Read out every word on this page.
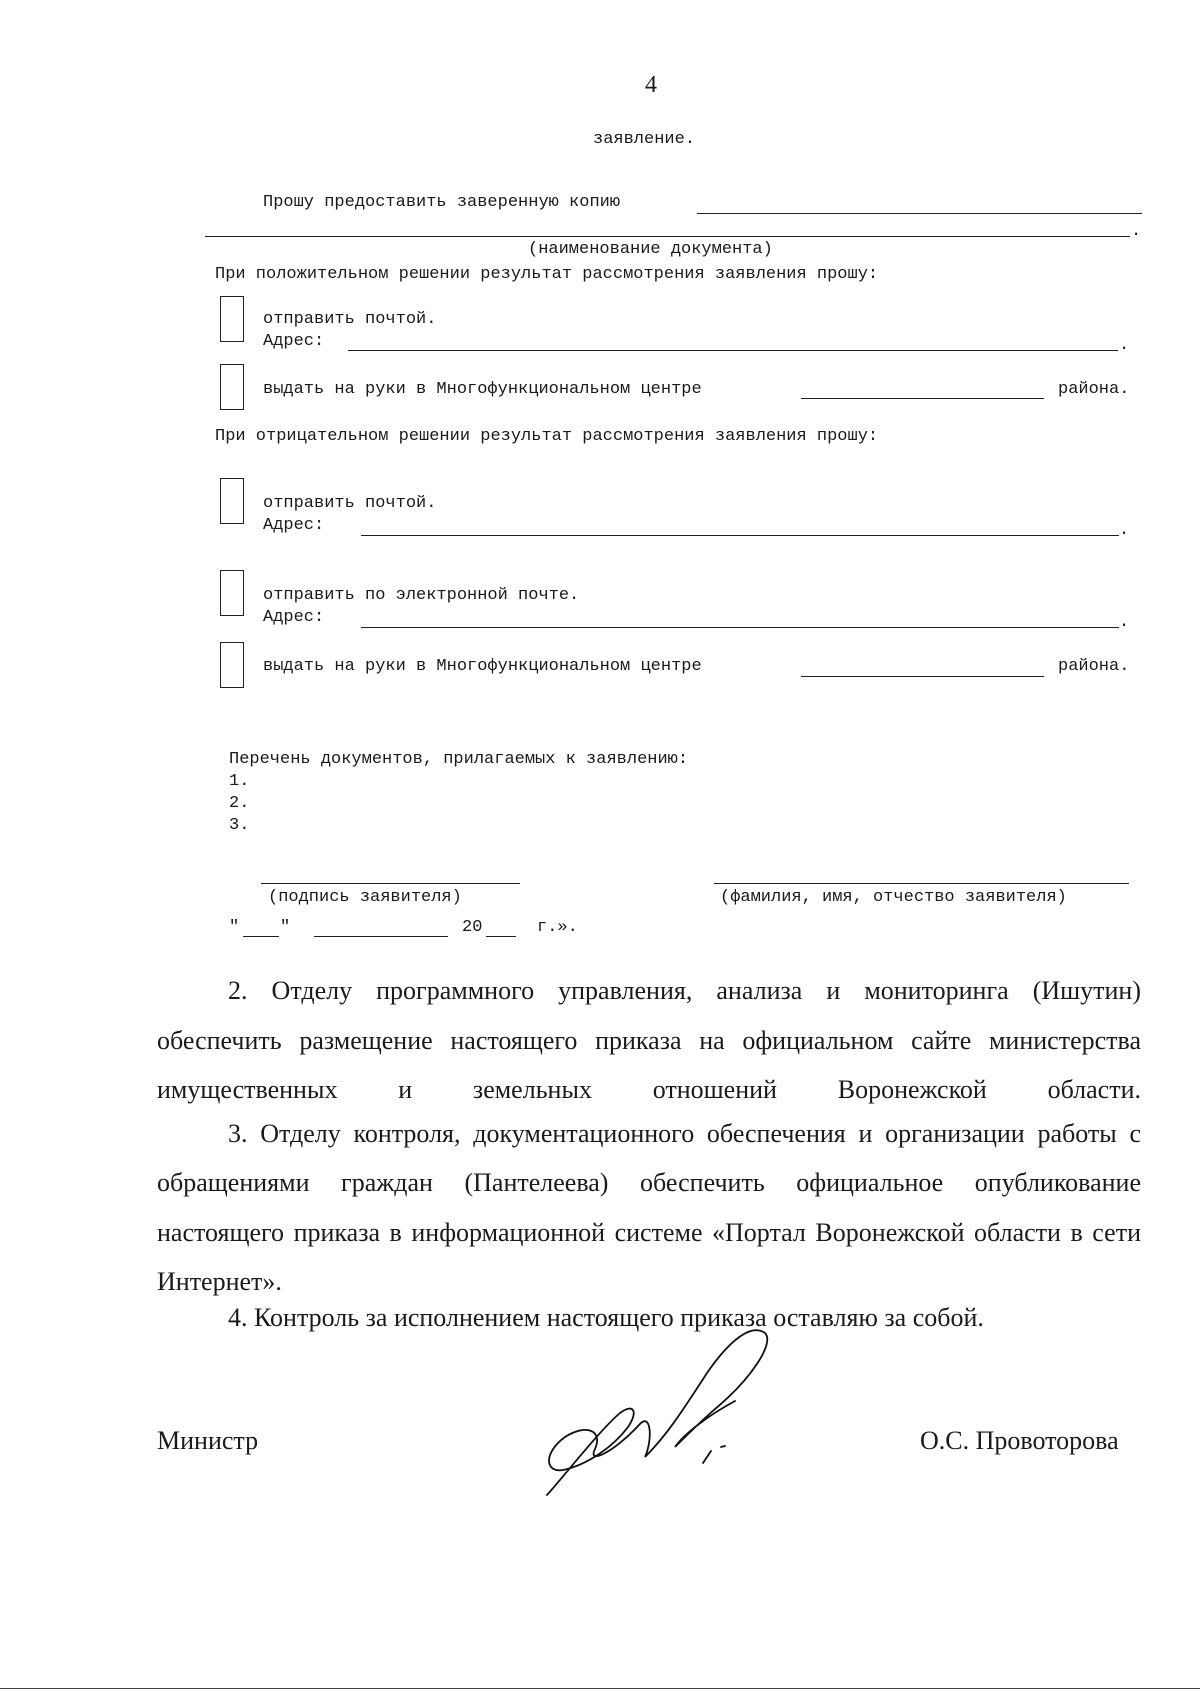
4
заявление.
Прошу предоставить заверенную копию
.
(наименование документа)
При положительном решении результат рассмотрения заявления прошу:
отправить почтой.
Адрес:	.
выдать на руки в Многофункциональном центре	района.
При отрицательном решении результат рассмотрения заявления прошу:
отправить почтой.
Адрес:	.
отправить по электронной почте.
Адрес:	.
выдать на руки в Многофункциональном центре	района.
Перечень документов, прилагаемых к заявлению:
1.
2.
3.
(подпись заявителя)	(фамилия, имя, отчество заявителя)
" "	20	г.».
2. Отделу программного управления, анализа и мониторинга (Ишутин) обеспечить размещение настоящего приказа на официальном сайте министерства имущественных и земельных отношений Воронежской области.
3. Отделу контроля, документационного обеспечения и организации работы с обращениями граждан (Пантелеева) обеспечить официальное опубликование настоящего приказа в информационной системе «Портал Воронежской области в сети Интернет».
4. Контроль за исполнением настоящего приказа оставляю за собой.
Министр	О.С. Провоторова
